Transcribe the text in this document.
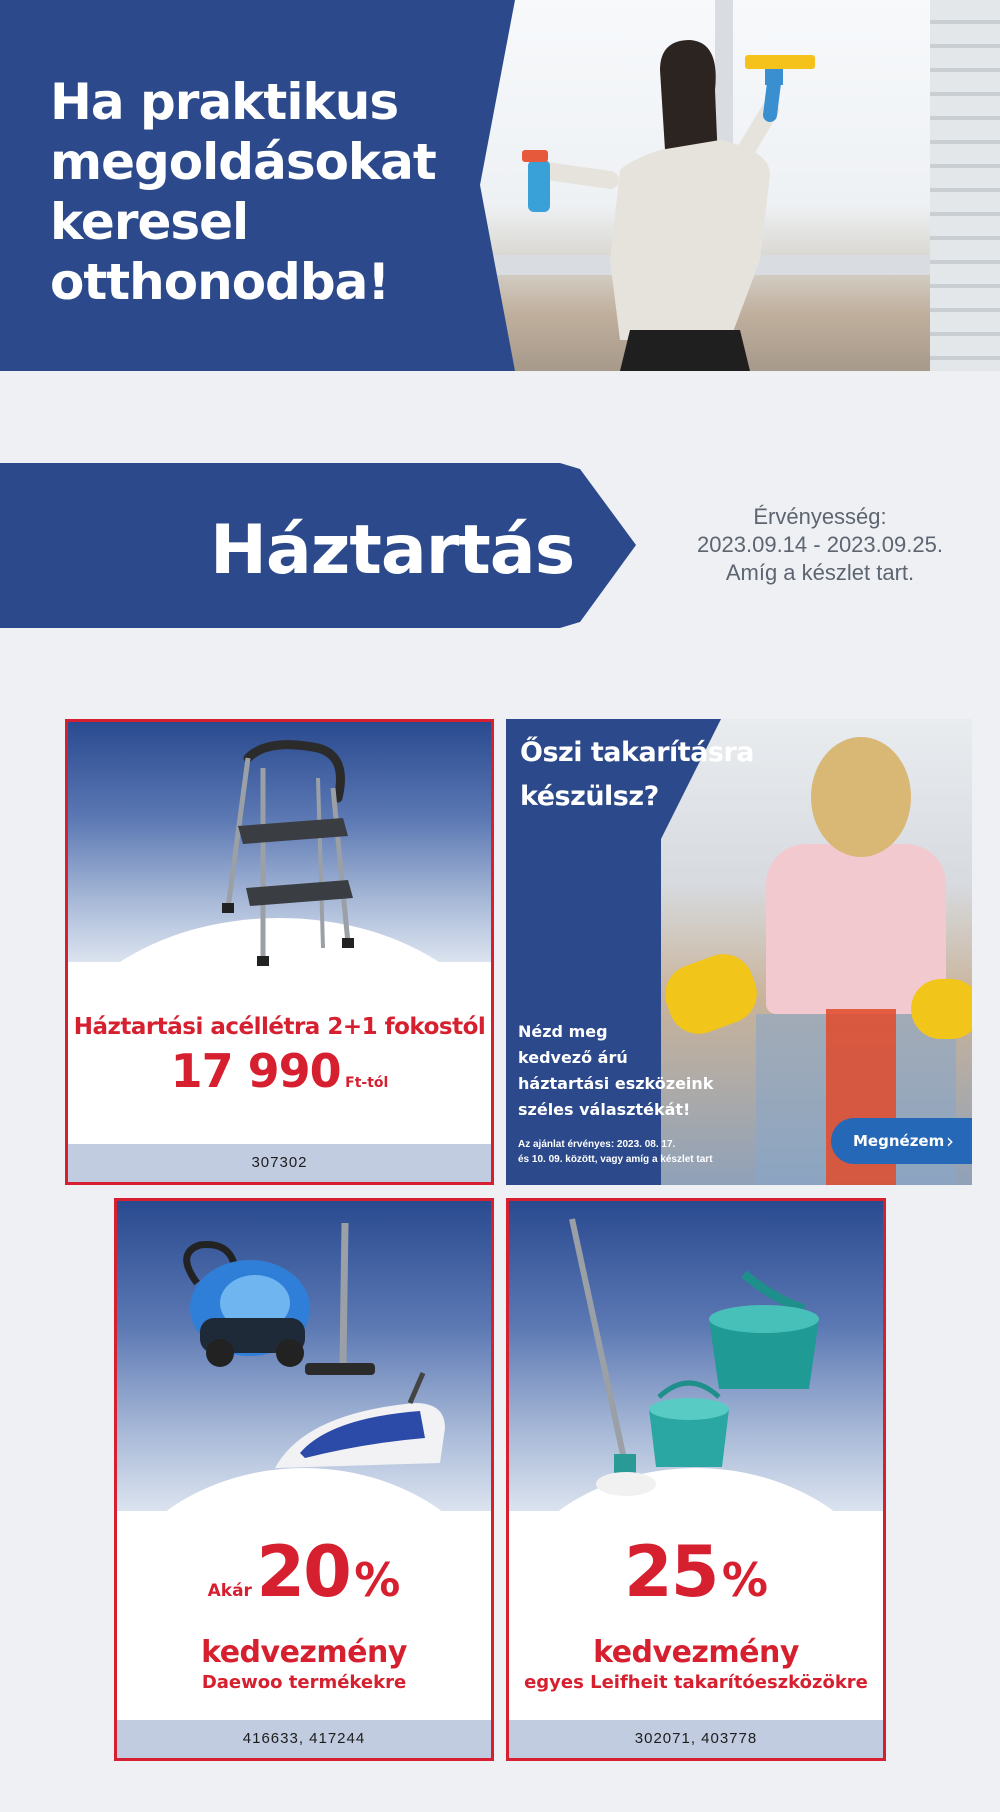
Ha praktikus
megoldásokat
keresel
otthonodba!
Háztartás	Érvényesség:
2023.09.14 - 2023.09.25.
Amíg a készlet tart.
Háztartási acéllétra 2+1 fokostól
17 990 Ft-tól
307302
Őszi takarításra
készülsz?
Nézd meg
kedvező árú
háztartási eszközeink
széles választékát!
Az ajánlat érvényes: 2023. 08. 17.
és 10. 09. között, vagy amíg a készlet tart
Megnézem ›
Akár 20 %
kedvezmény
Daewoo termékekre
416633, 417244
25 %
kedvezmény
egyes Leifheit takarítóeszközökre
302071, 403778
